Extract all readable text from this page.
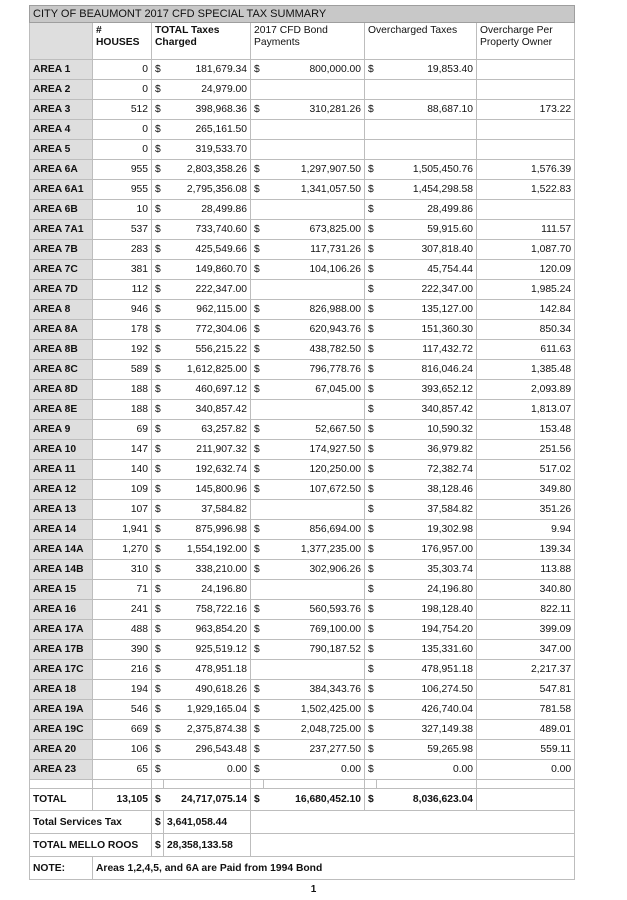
CITY OF BEAUMONT 2017 CFD SPECIAL TAX SUMMARY								
	# HOUSES	TOTAL Taxes Charged		2017 CFD Bond Payments		Overcharged Taxes		Overcharge Per Property Owner
AREA 1	0	$	181,679.34	$	800,000.00	$	19,853.40	
AREA 2	0	$	24,979.00					
AREA 3	512	$	398,968.36	$	310,281.26	$	88,687.10	173.22
AREA 4	0	$	265,161.50					
AREA 5	0	$	319,533.70					
AREA 6A	955	$	2,803,358.26	$	1,297,907.50	$	1,505,450.76	1,576.39
AREA 6A1	955	$	2,795,356.08	$	1,341,057.50	$	1,454,298.58	1,522.83
AREA 6B	10	$	28,499.86			$	28,499.86	
AREA 7A1	537	$	733,740.60	$	673,825.00	$	59,915.60	111.57
AREA 7B	283	$	425,549.66	$	117,731.26	$	307,818.40	1,087.70
AREA 7C	381	$	149,860.70	$	104,106.26	$	45,754.44	120.09
AREA 7D	112	$	222,347.00			$	222,347.00	1,985.24
AREA 8	946	$	962,115.00	$	826,988.00	$	135,127.00	142.84
AREA 8A	178	$	772,304.06	$	620,943.76	$	151,360.30	850.34
AREA 8B	192	$	556,215.22	$	438,782.50	$	117,432.72	611.63
AREA 8C	589	$	1,612,825.00	$	796,778.76	$	816,046.24	1,385.48
AREA 8D	188	$	460,697.12	$	67,045.00	$	393,652.12	2,093.89
AREA 8E	188	$	340,857.42			$	340,857.42	1,813.07
AREA 9	69	$	63,257.82	$	52,667.50	$	10,590.32	153.48
AREA 10	147	$	211,907.32	$	174,927.50	$	36,979.82	251.56
AREA 11	140	$	192,632.74	$	120,250.00	$	72,382.74	517.02
AREA 12	109	$	145,800.96	$	107,672.50	$	38,128.46	349.80
AREA 13	107	$	37,584.82			$	37,584.82	351.26
AREA 14	1,941	$	875,996.98	$	856,694.00	$	19,302.98	9.94
AREA 14A	1,270	$	1,554,192.00	$	1,377,235.00	$	176,957.00	139.34
AREA 14B	310	$	338,210.00	$	302,906.26	$	35,303.74	113.88
AREA 15	71	$	24,196.80			$	24,196.80	340.80
AREA 16	241	$	758,722.16	$	560,593.76	$	198,128.40	822.11
AREA 17A	488	$	963,854.20	$	769,100.00	$	194,754.20	399.09
AREA 17B	390	$	925,519.12	$	790,187.52	$	135,331.60	347.00
AREA 17C	216	$	478,951.18			$	478,951.18	2,217.37
AREA 18	194	$	490,618.26	$	384,343.76	$	106,274.50	547.81
AREA 19A	546	$	1,929,165.04	$	1,502,425.00	$	426,740.04	781.58
AREA 19C	669	$	2,375,874.38	$	2,048,725.00	$	327,149.38	489.01
AREA 20	106	$	296,543.48	$	237,277.50	$	59,265.98	559.11
AREA 23	65	$	0.00	$	0.00	$	0.00	0.00

TOTAL	13,105	$	24,717,075.14	$	16,680,452.10	$	8,036,623.04	
Total Services Tax		$	3,641,058.44					
TOTAL MELLO ROOS		$	28,358,133.58					
NOTE:	Areas 1,2,4,5, and 6A are Paid from 1994 Bond							
1
